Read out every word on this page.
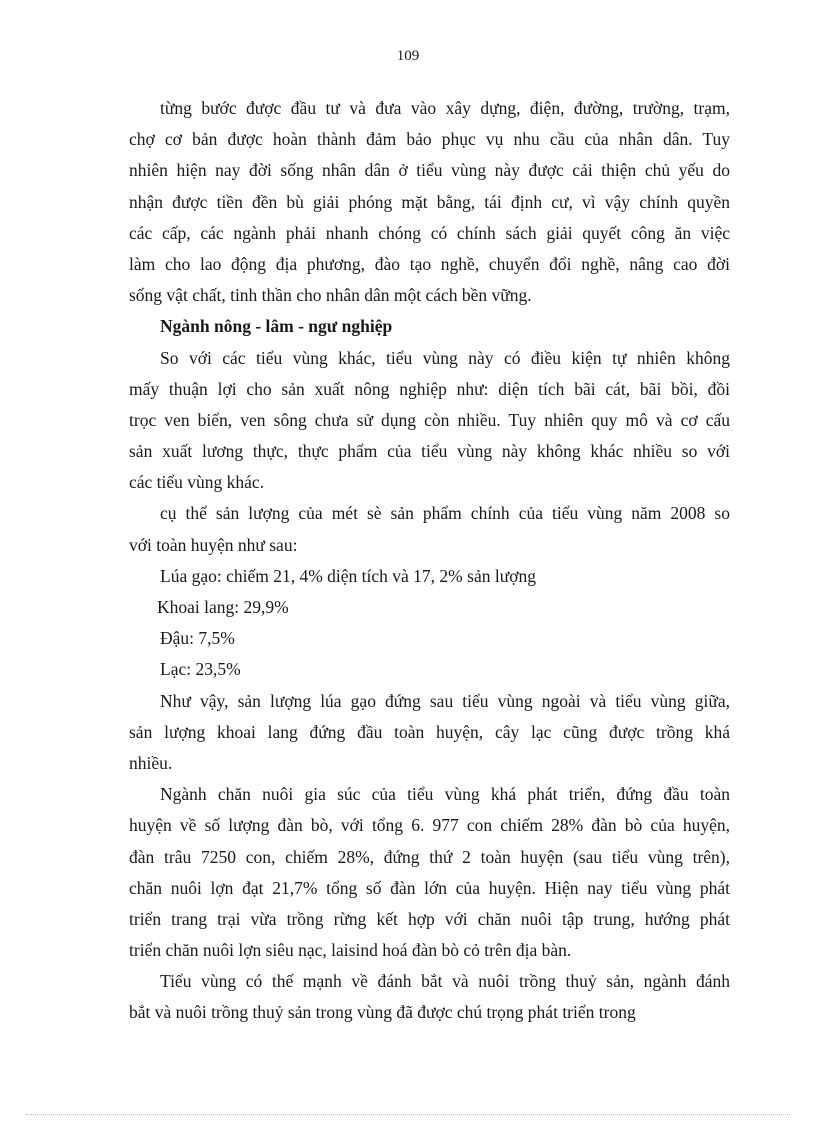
109
từng bước được đầu tư và đưa vào xây dựng, điện, đường, trường, trạm,
chợ cơ bản được hoàn thành đảm bảo phục vụ nhu cầu của nhân dân. Tuy
nhiên hiện nay đời sống nhân dân ở tiểu vùng này được cải thiện chủ yếu do
nhận được tiền đền bù giải phóng mặt bằng, tái định cư, vì vậy chính quyền
các cấp, các ngành phải nhanh chóng có chính sách giải quyết công ăn việc
làm cho lao động địa phương, đào tạo nghề, chuyển đổi nghề, nâng cao đời
sống vật chất, tinh thần cho nhân dân một cách bền vững.
Ngành nông - lâm - ngư nghiệp
So với các tiểu vùng khác, tiểu vùng này có điều kiện tự nhiên không
mấy thuận lợi cho sản xuất nông nghiệp như: diện tích bãi cát, bãi bồi, đồi
trọc ven biển, ven sông chưa sử dụng còn nhiều. Tuy nhiên quy mô và cơ cấu
sản xuất lương thực, thực phẩm của tiểu vùng này không khác nhiều so với
các tiểu vùng khác.
cụ thể sản lượng của mét sè sản phẩm chính của tiểu vùng năm 2008 so
với toàn huyện như sau:
Lúa gạo: chiếm 21, 4% diện tích và 17, 2% sản lượng
Khoai lang: 29,9%
Đậu: 7,5%
Lạc: 23,5%
Như vậy, sản lượng lúa gạo đứng sau tiểu vùng ngoài và tiểu vùng giữa,
sản lượng khoai lang đứng đầu toàn huyện, cây lạc cũng được trồng khá
nhiều.
Ngành chăn nuôi gia súc của tiểu vùng khá phát triển, đứng đầu toàn
huyện về số lượng đàn bò, với tổng 6. 977 con chiếm 28% đàn bò của huyện,
đàn trâu 7250 con, chiếm 28%, đứng thứ 2 toàn huyện (sau tiểu vùng trên),
chăn nuôi lợn đạt 21,7% tổng số đàn lớn của huyện. Hiện nay tiểu vùng phát
triển trang trại vừa trồng rừng kết hợp với chăn nuôi tập trung, hướng phát
triển chăn nuôi lợn siêu nạc, laisind hoá đàn bò cỏ trên địa bàn.
Tiểu vùng có thế mạnh về đánh bắt và nuôi trồng thuỷ sản, ngành đánh
bắt và nuôi trồng thuỷ sản trong vùng đã được chú trọng phát triển trong
